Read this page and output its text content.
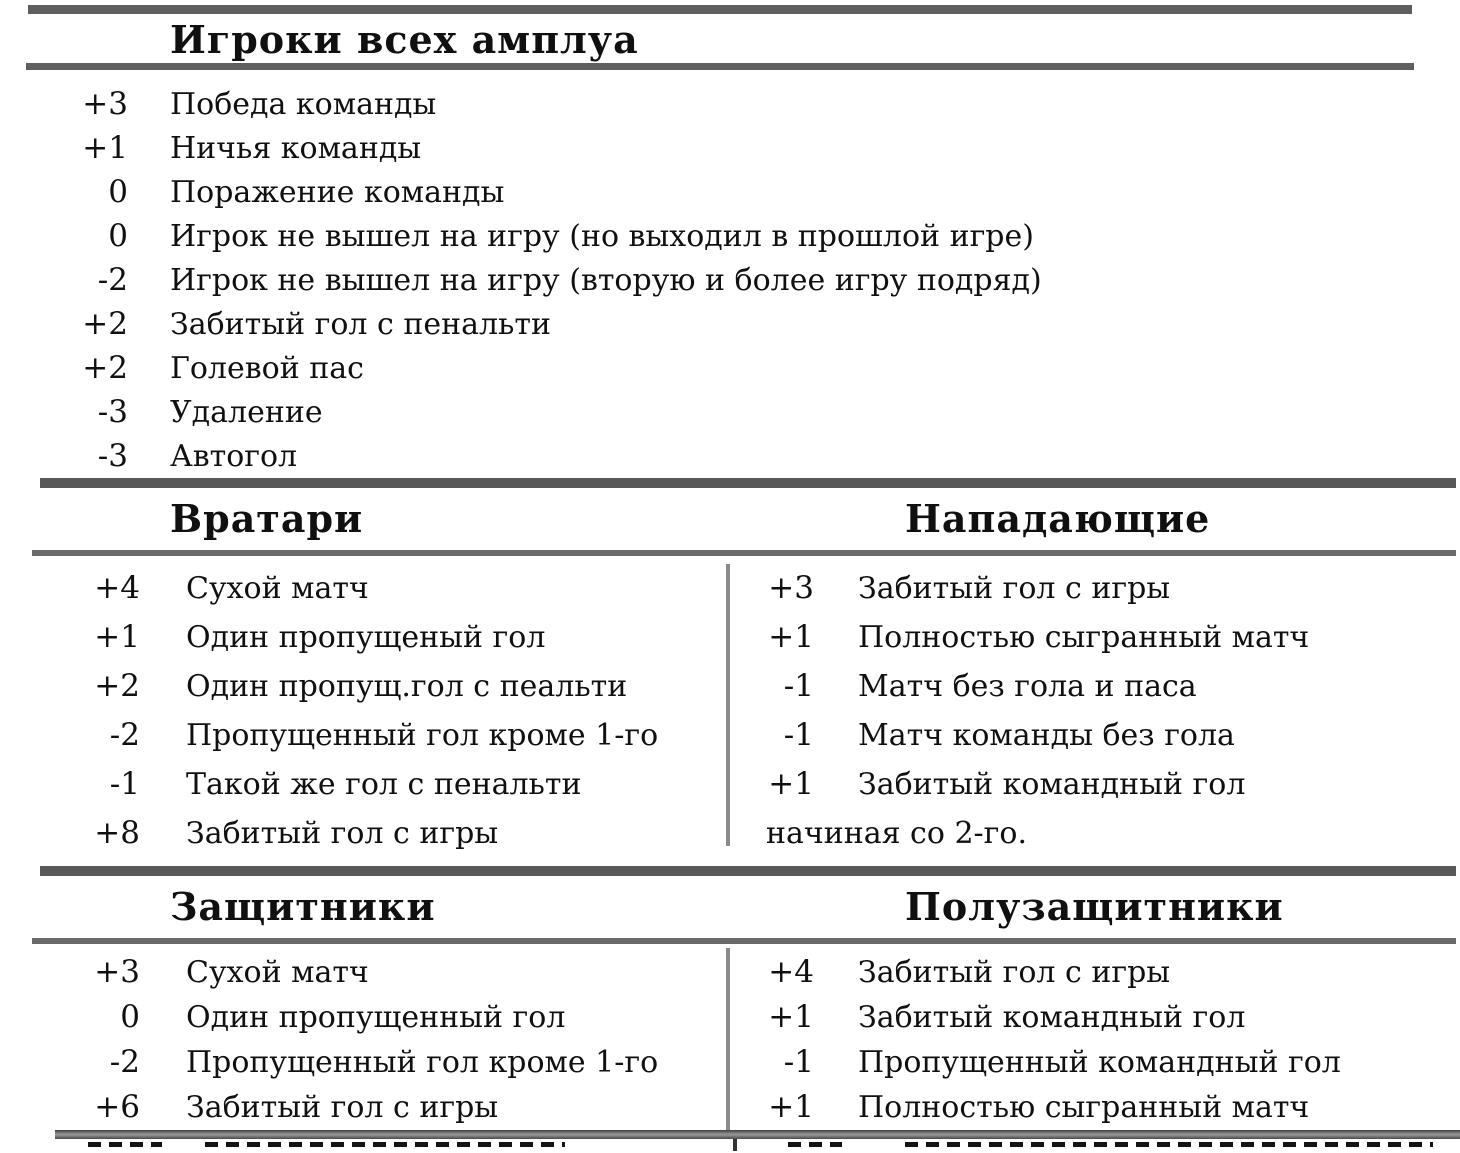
Игроки всех амплуа
+3 Победа команды
+1 Ничья команды
0 Поражение команды
0 Игрок не вышел на игру (но выходил в прошлой игре)
-2 Игрок не вышел на игру (вторую и более игру подряд)
+2 Забитый гол с пенальти
+2 Голевой пас
-3 Удаление
-3 Автогол
Вратари	Нападающие
+4 Сухой матч
+1 Один пропущеный гол
+2 Один пропущ.гол с пеальти
-2 Пропущенный гол кроме 1-го
-1 Такой же гол с пенальти
+8 Забитый гол с игры
+3 Забитый гол с игры
+1 Полностью сыгранный матч
-1 Матч без гола и паса
-1 Матч команды без гола
+1 Забитый командный гол
начиная со 2-го.
Защитники	Полузащитники
+3 Сухой матч
0 Один пропущенный гол
-2 Пропущенный гол кроме 1-го
+6 Забитый гол с игры
+4 Забитый гол с игры
+1 Забитый командный гол
-1 Пропущенный командный гол
+1 Полностью сыгранный матч
